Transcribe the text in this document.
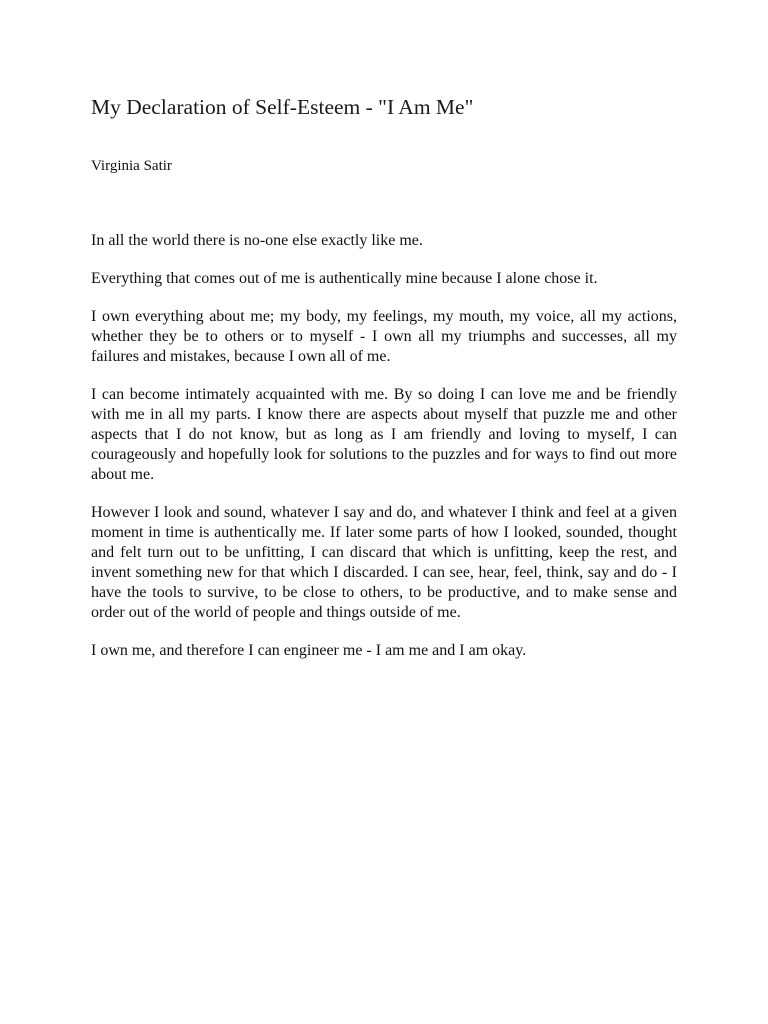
My Declaration of Self-Esteem - "I Am Me"

Virginia Satir

In all the world there is no-one else exactly like me.

Everything that comes out of me is authentically mine because I alone chose it.

I own everything about me; my body, my feelings, my mouth, my voice, all my actions, whether they be to others or to myself - I own all my triumphs and successes, all my failures and mistakes, because I own all of me.

I can become intimately acquainted with me. By so doing I can love me and be friendly with me in all my parts. I know there are aspects about myself that puzzle me and other aspects that I do not know, but as long as I am friendly and loving to myself, I can courageously and hopefully look for solutions to the puzzles and for ways to find out more about me.

However I look and sound, whatever I say and do, and whatever I think and feel at a given moment in time is authentically me. If later some parts of how I looked, sounded, thought and felt turn out to be unfitting, I can discard that which is unfitting, keep the rest, and invent something new for that which I discarded. I can see, hear, feel, think, say and do - I have the tools to survive, to be close to others, to be productive, and to make sense and order out of the world of people and things outside of me.

I own me, and therefore I can engineer me - I am me and I am okay.
